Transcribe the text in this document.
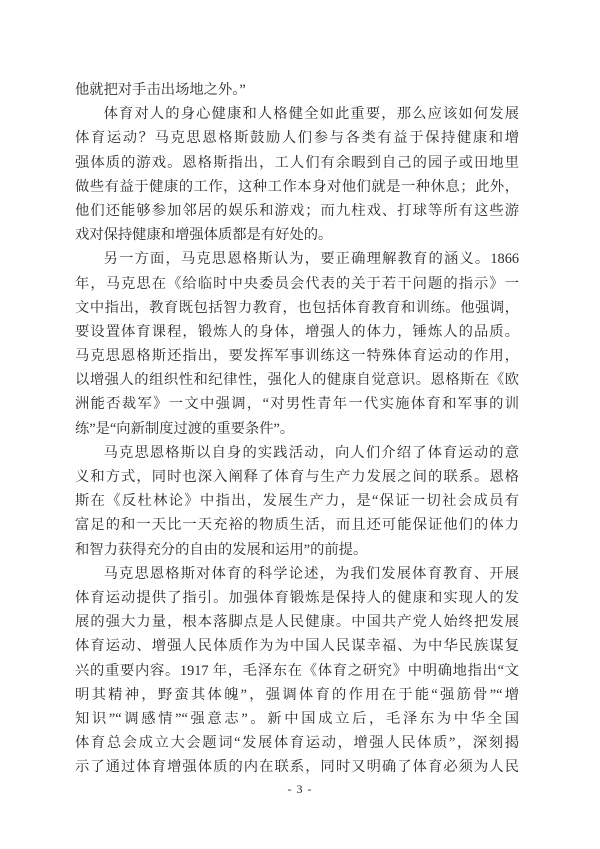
他就把对手击出场地之外。”
体育对人的身心健康和人格健全如此重要，那么应该如何发展
体育运动？马克思恩格斯鼓励人们参与各类有益于保持健康和增
强体质的游戏。恩格斯指出，工人们有余暇到自己的园子或田地里
做些有益于健康的工作，这种工作本身对他们就是一种休息；此外，
他们还能够参加邻居的娱乐和游戏；而九柱戏、打球等所有这些游
戏对保持健康和增强体质都是有好处的。
另一方面，马克思恩格斯认为，要正确理解教育的涵义。1866
年，马克思在《给临时中央委员会代表的关于若干问题的指示》一
文中指出，教育既包括智力教育，也包括体育教育和训练。他强调，
要设置体育课程，锻炼人的身体，增强人的体力，锤炼人的品质。
马克思恩格斯还指出，要发挥军事训练这一特殊体育运动的作用，
以增强人的组织性和纪律性，强化人的健康自觉意识。恩格斯在《欧
洲能否裁军》一文中强调，“对男性青年一代实施体育和军事的训
练”是“向新制度过渡的重要条件”。
马克思恩格斯以自身的实践活动，向人们介绍了体育运动的意
义和方式，同时也深入阐释了体育与生产力发展之间的联系。恩格
斯在《反杜林论》中指出，发展生产力，是“保证一切社会成员有
富足的和一天比一天充裕的物质生活，而且还可能保证他们的体力
和智力获得充分的自由的发展和运用”的前提。
马克思恩格斯对体育的科学论述，为我们发展体育教育、开展
体育运动提供了指引。加强体育锻炼是保持人的健康和实现人的发
展的强大力量，根本落脚点是人民健康。中国共产党人始终把发展
体育运动、增强人民体质作为为中国人民谋幸福、为中华民族谋复
兴的重要内容。1917 年，毛泽东在《体育之研究》中明确地指出“文
明其精神，野蛮其体魄”，强调体育的作用在于能“强筋骨”“增
知识”“调感情”“强意志”。新中国成立后，毛泽东为中华全国
体育总会成立大会题词“发展体育运动，增强人民体质”，深刻揭
示了通过体育增强体质的内在联系，同时又明确了体育必须为人民
- 3 -
